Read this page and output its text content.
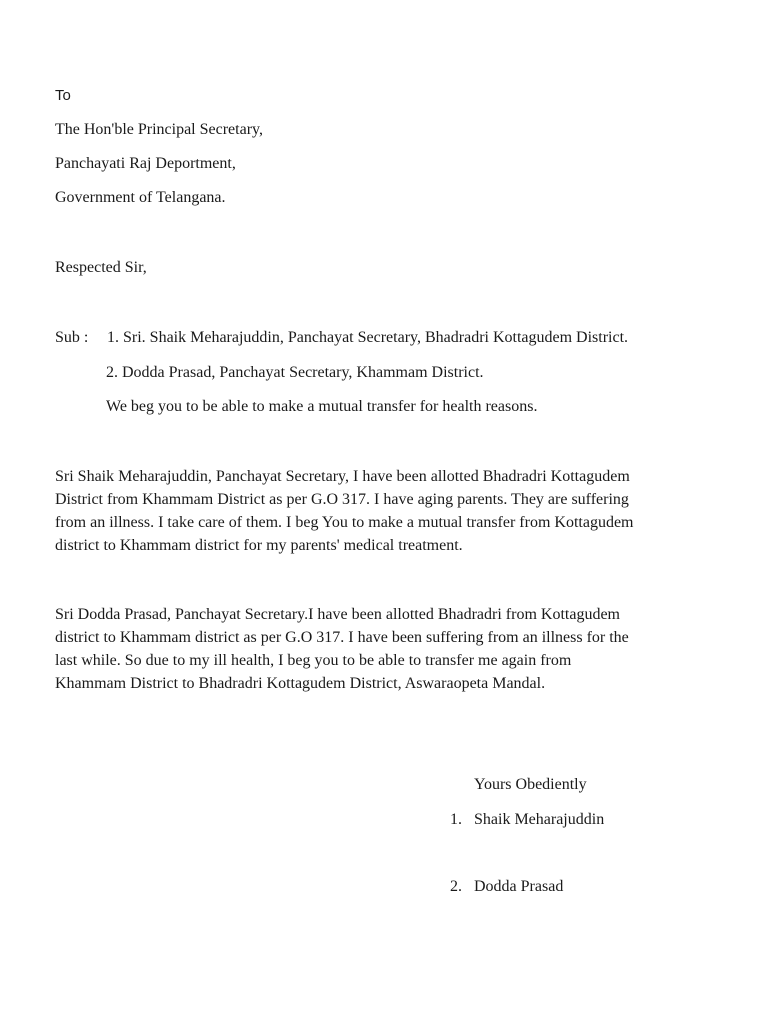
To
The Hon'ble Principal Secretary,
Panchayati Raj Deportment,
Government of Telangana.
Respected Sir,
Sub : 1. Sri. Shaik Meharajuddin, Panchayat Secretary, Bhadradri Kottagudem District.
2. Dodda Prasad, Panchayat Secretary, Khammam District.
We beg you to be able to make a mutual transfer for health reasons.
Sri Shaik Meharajuddin, Panchayat Secretary, I have been allotted Bhadradri Kottagudem
District from Khammam District as per G.O 317. I have aging parents. They are suffering
from an illness. I take care of them. I beg You to make a mutual transfer from Kottagudem
district to Khammam district for my parents' medical treatment.
Sri Dodda Prasad, Panchayat Secretary.I have been allotted Bhadradri from Kottagudem
district to Khammam district as per G.O 317. I have been suffering from an illness for the
last while. So due to my ill health, I beg you to be able to transfer me again from
Khammam District to Bhadradri Kottagudem District, Aswaraopeta Mandal.
Yours Obediently
1. Shaik Meharajuddin
2. Dodda Prasad
